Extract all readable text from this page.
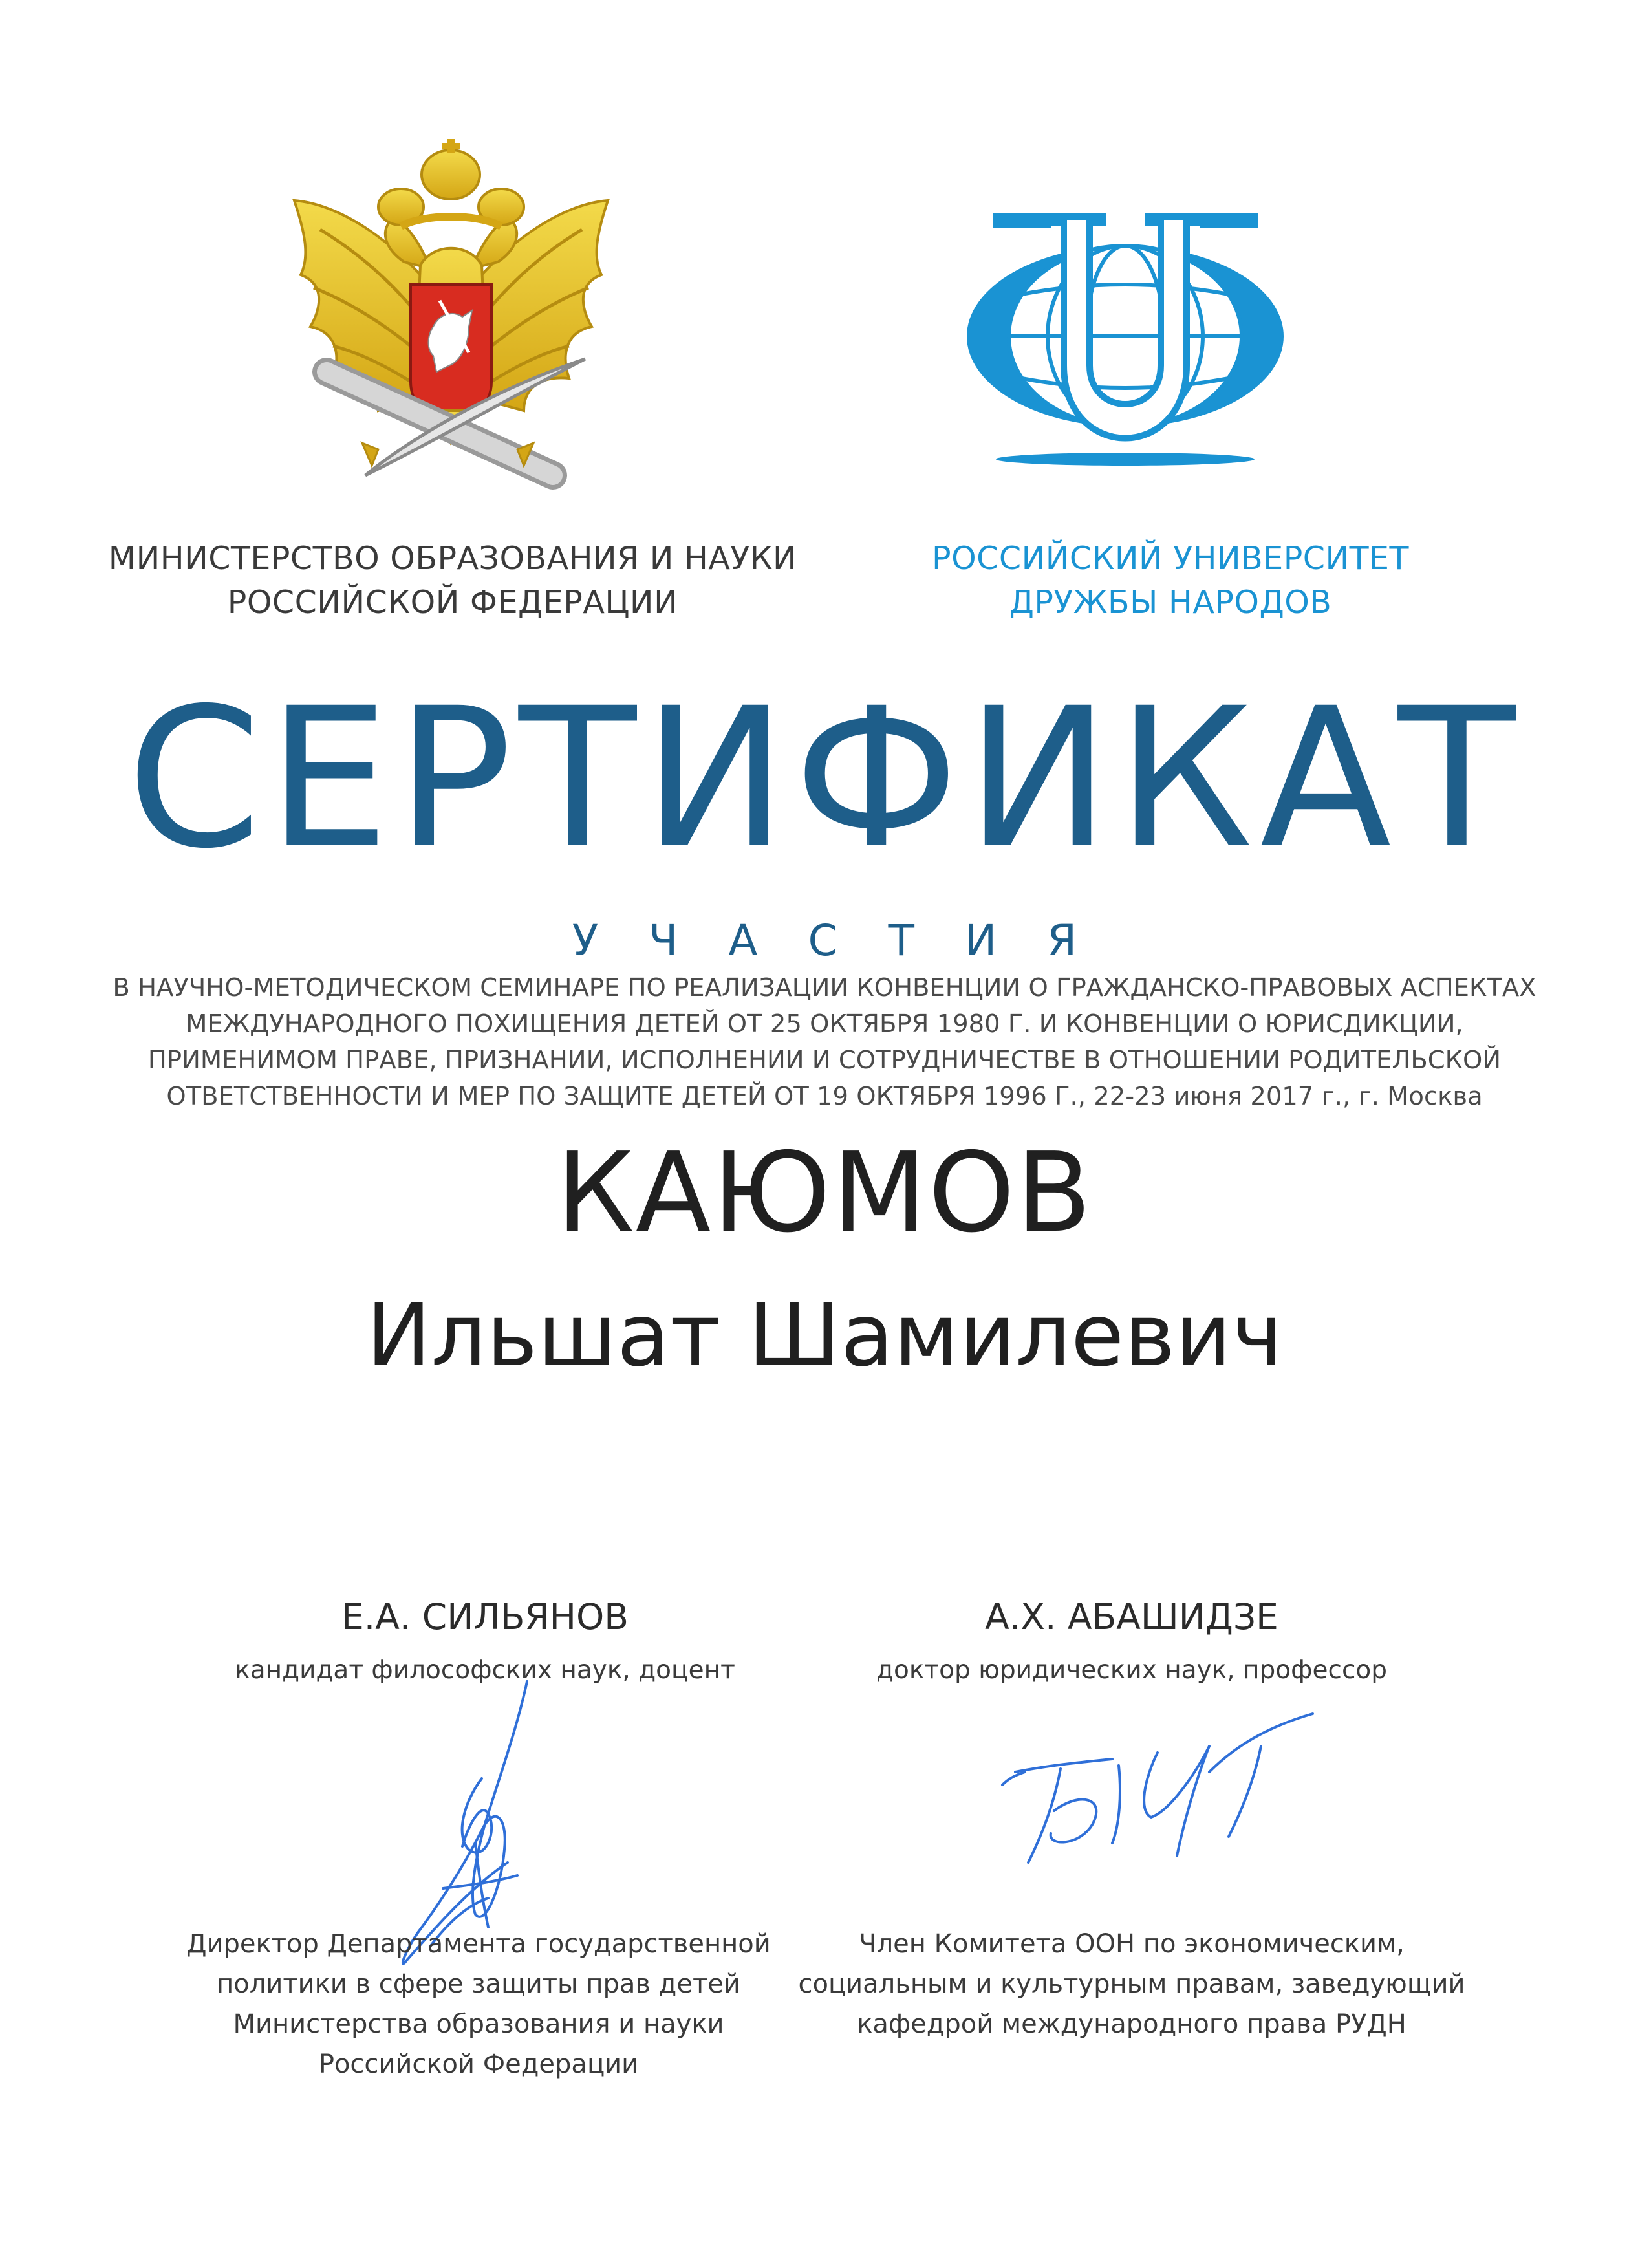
МИНИСТЕРСТВО ОБРАЗОВАНИЯ И НАУКИ
РОССИЙСКОЙ ФЕДЕРАЦИИ
РОССИЙСКИЙ УНИВЕРСИТЕТ
ДРУЖБЫ НАРОДОВ
СЕРТИФИКАТ
УЧАСТИЯ
В НАУЧНО-МЕТОДИЧЕСКОМ СЕМИНАРЕ ПО РЕАЛИЗАЦИИ КОНВЕНЦИИ О ГРАЖДАНСКО-ПРАВОВЫХ АСПЕКТАХ
МЕЖДУНАРОДНОГО ПОХИЩЕНИЯ ДЕТЕЙ ОТ 25 ОКТЯБРЯ 1980 Г. И КОНВЕНЦИИ О ЮРИСДИКЦИИ,
ПРИМЕНИМОМ ПРАВЕ, ПРИЗНАНИИ, ИСПОЛНЕНИИ И СОТРУДНИЧЕСТВЕ В ОТНОШЕНИИ РОДИТЕЛЬСКОЙ
ОТВЕТСТВЕННОСТИ И МЕР ПО ЗАЩИТЕ ДЕТЕЙ ОТ 19 ОКТЯБРЯ 1996 Г., 22-23 июня 2017 г., г. Москва
КАЮМОВ
Ильшат Шамилевич
Е.А. СИЛЬЯНОВ
кандидат философских наук, доцент
Директор Департамента государственной
политики в сфере защиты прав детей
Министерства образования и науки
Российской Федерации
А.Х. АБАШИДЗЕ
доктор юридических наук, профессор
Член Комитета ООН по экономическим,
социальным и культурным правам, заведующий
кафедрой международного права РУДН
